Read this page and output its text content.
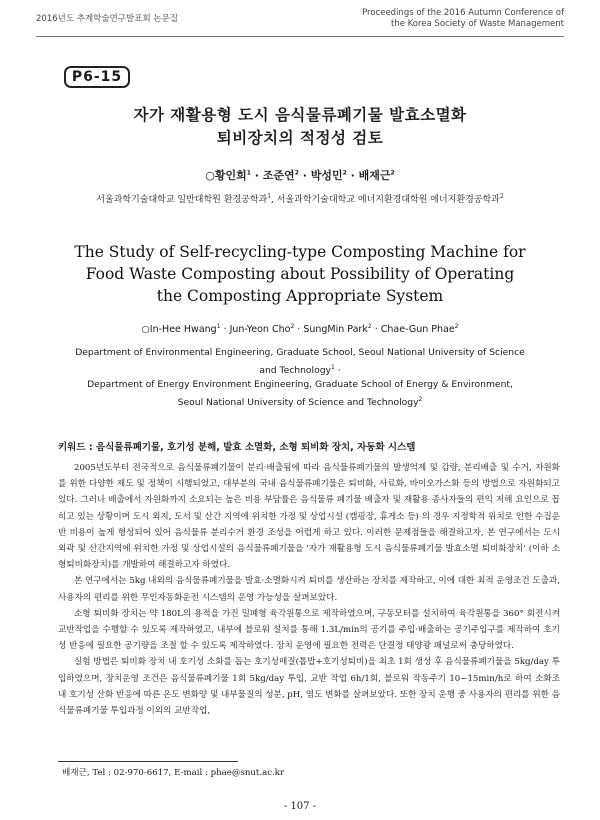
2016년도 추계학술연구발표회 논문집
Proceedings of the 2016 Autumn Conference of
the Korea Society of Waste Management
P6-15
자가 재활용형 도시 음식물류폐기물 발효소멸화
퇴비장치의 적정성 검토
○황인희$^1$ · 조준연$^2$ · 박성민$^2$ · 배재근$^2$
서울과학기술대학교 일반대학원 환경공학과$^1$, 서울과학기술대학교 에너지환경대학원 에너지환경공학과$^2$
The Study of Self-recycling-type Composting Machine for
Food Waste Composting about Possibility of Operating
the Composting Appropriate System
○In-Hee Hwang$^1$ · Jun-Yeon Cho$^2$ · SungMin Park$^2$ · Chae-Gun Phae$^2$
Department of Environmental Engineering, Graduate School, Seoul National University of Science
and Technology$^1$ ·
Department of Energy Environment Engineering, Graduate School of Energy & Environment,
Seoul National University of Science and Technology$^2$
키워드 : 음식물류폐기물, 호기성 분해, 발효 소멸화, 소형 퇴비화 장치, 자동화 시스템

2005년도부터 전국적으로 음식물류폐기물이 분리·배출됨에 따라 음식물류폐기물의 발생억제 및 감량, 분리배출 및 수거, 자원화를 위한 다양한 제도 및 정책이 시행되었고, 대부분의 국내 음식물류폐기물은 퇴비화, 사료화, 바이오가스화 등의 방법으로 자원화되고 있다. 그러나 배출에서 자원화까지 소요되는 높은 비용 부담률은 음식물류 폐기물 배출자 및 재활용 종사자들의 편익 저해 요인으로 꼽히고 있는 상황이며 도시 외지, 도서 및 산간 지역에 위치한 가정 및 상업시설 (캠핑장, 휴게소 등) 의 경우 지정학적 위치로 인한 수집운반 비용이 높게 형성되어 있어 음식물류 분리수거 환경 조성을 어렵게 하고 있다. 이러한 문제점들을 해결하고자, 본 연구에서는 도시 외곽 및 산간지역에 위치한 가정 및 상업시설의 음식물류폐기물을 '자가 재활용형 도시 음식물류폐기물 발효소멸 퇴비화장치' (이하 소형퇴비화장치)를 개발하여 해결하고자 하였다.

본 연구에서는 5kg 내외의 음식물류폐기물을 발효·소멸화시켜 퇴비를 생산하는 장치를 제작하고, 이에 대한 최적 운영조건 도출과, 사용자의 편리를 위한 무인자동화운전 시스템의 운영 가능성을 살펴보았다.

소형 퇴비화 장치는 약 180L의 용적을 가진 밀폐형 육각원통으로 제작하였으며, 구동모터를 설치하여 육각원통을 360° 회전시켜 교반작업을 수행할 수 있도록 제작하였고, 내부에 블로워 설치를 통해 1.3L/min의 공기를 주입·배출하는 공기주입구를 제작하여 호기성 반응에 필요한 공기량을 조절 할 수 있도록 제작하였다. 장치 운영에 필요한 전력은 단결정 태양광 패널로써 충당하였다.

실험 방법은 퇴비화 장치 내 호기성 소화를 돕는 호기성매질(톱밥+호기성퇴비)을 최초 1회 생성 후 음식물류폐기물을 5kg/day 투입하였으며, 장치운영 조건은 음식물류폐기물 1회 5kg/day 투입, 교반 작업 6h/1회, 블로워 작동주기 10~15min/h로 하여 소화조 내 호기성 산화 반응에 따른 온도 변화양 및 내부물질의 성분, pH, 염도 변화를 살펴보았다. 또한 장치 운행 중 사용자의 편리를 위한 음식물류폐기물 투입과정 이외의 교반작업,

배재근, Tel : 02-970-6617, E-mail : phae@snut.ac.kr
- 107 -
